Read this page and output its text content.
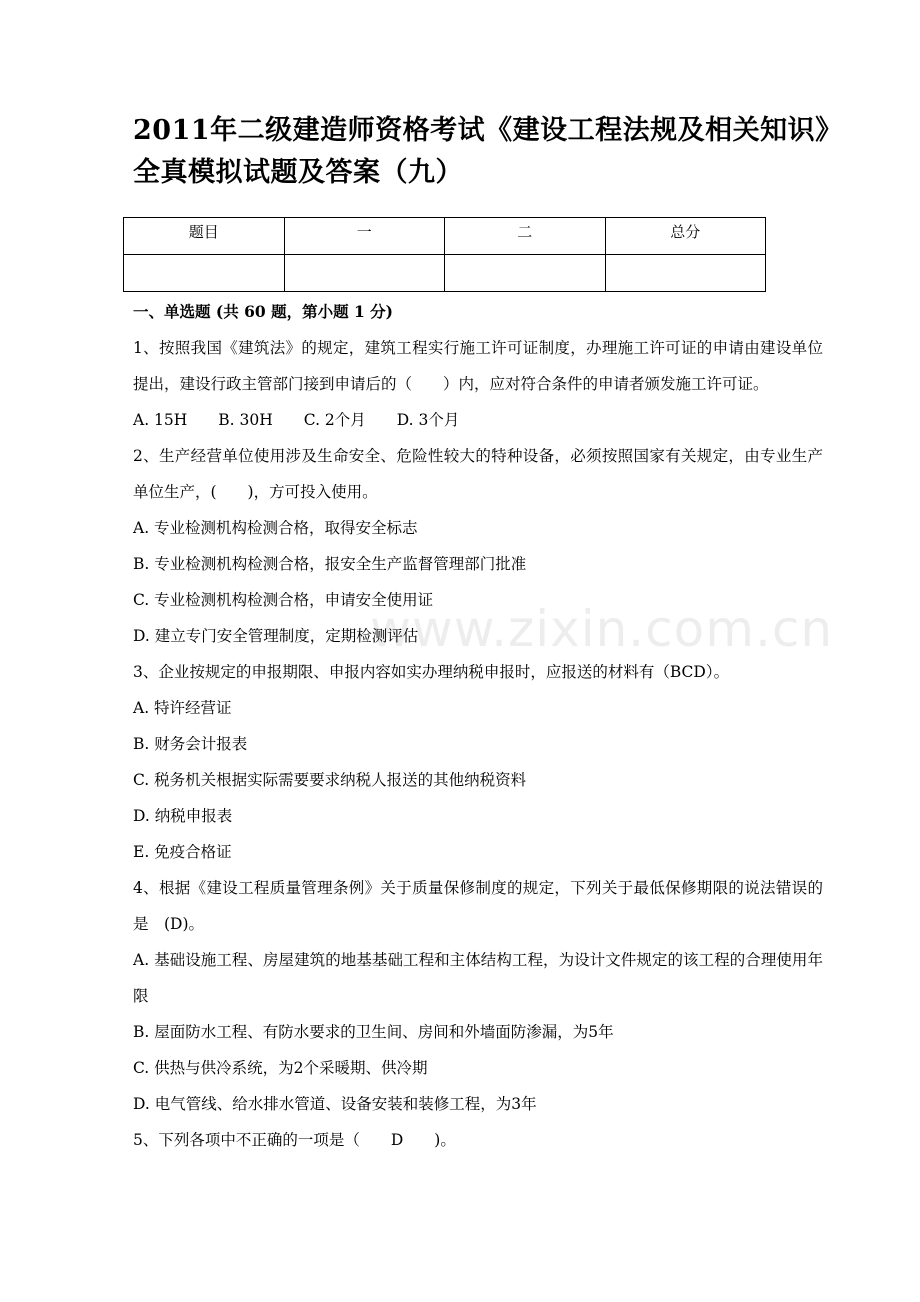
2011年二级建造师资格考试《建设工程法规及相关知识》
全真模拟试题及答案（九）
题目	一	二	总分

一、单选题 (共 60 题，第小题 1 分)

1、按照我国《建筑法》的规定，建筑工程实行施工许可证制度，办理施工许可证的申请由建设单位提出，建设行政主管部门接到申请后的（　　）内，应对符合条件的申请者颁发施工许可证。

A. 15H　　B. 30H　　C. 2个月　　D. 3个月

2、生产经营单位使用涉及生命安全、危险性较大的特种设备，必须按照国家有关规定，由专业生产单位生产，(　　)，方可投入使用。

A. 专业检测机构检测合格，取得安全标志

B. 专业检测机构检测合格，报安全生产监督管理部门批准

C. 专业检测机构检测合格，申请安全使用证

D. 建立专门安全管理制度，定期检测评估

3、企业按规定的申报期限、申报内容如实办理纳税申报时，应报送的材料有（BCD）。

A. 特许经营证

B. 财务会计报表

C. 税务机关根据实际需要要求纳税人报送的其他纳税资料

D. 纳税申报表

E. 免疫合格证

4、根据《建设工程质量管理条例》关于质量保修制度的规定，下列关于最低保修期限的说法错误的是　(D)。

A. 基础设施工程、房屋建筑的地基基础工程和主体结构工程，为设计文件规定的该工程的合理使用年限

B. 屋面防水工程、有防水要求的卫生间、房间和外墙面防渗漏，为5年

C. 供热与供冷系统，为2个采暖期、供冷期

D. 电气管线、给水排水管道、设备安装和装修工程，为3年

5、下列各项中不正确的一项是（　　D　　)。

www.zixin.com.cn
